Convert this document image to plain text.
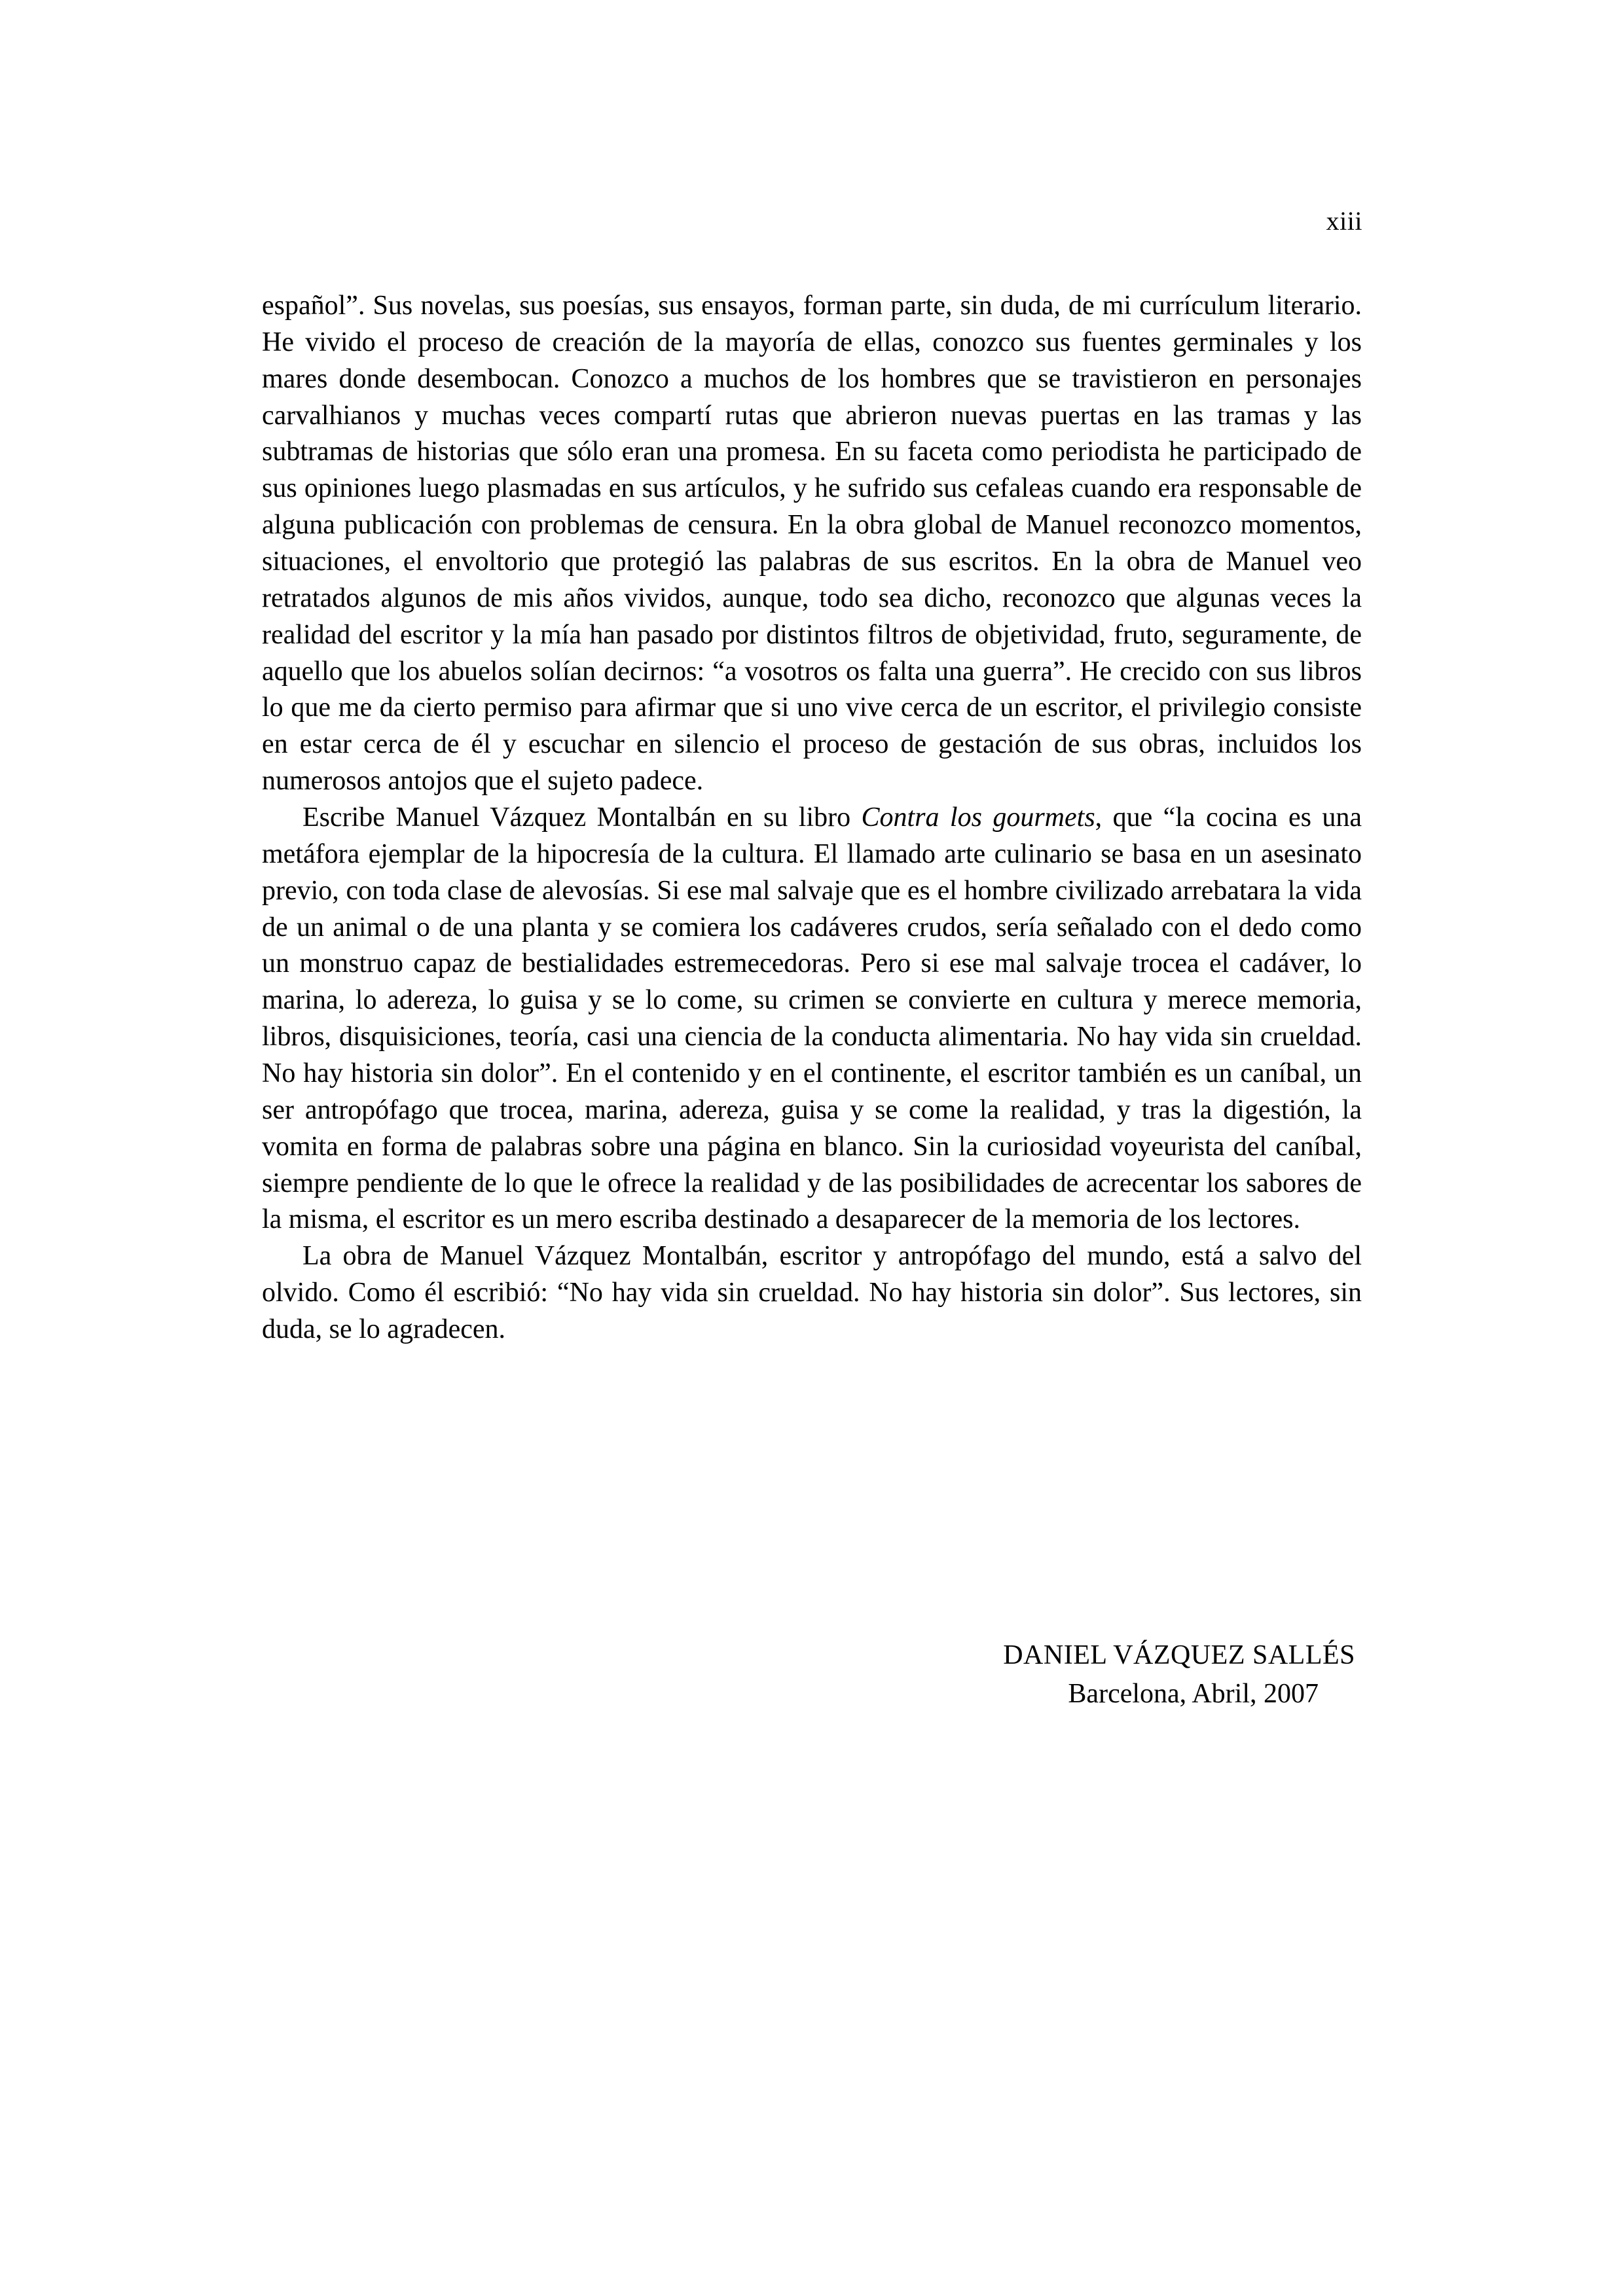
xiii

español”. Sus novelas, sus poesías, sus ensayos, forman parte, sin duda, de mi currículum literario. He vivido el proceso de creación de la mayoría de ellas, conozco sus fuentes germinales y los mares donde desembocan. Conozco a muchos de los hombres que se travistieron en personajes carvalhianos y muchas veces compartí rutas que abrieron nuevas puertas en las tramas y las subtramas de historias que sólo eran una promesa. En su faceta como periodista he participado de sus opiniones luego plasmadas en sus artículos, y he sufrido sus cefaleas cuando era responsable de alguna publicación con problemas de censura. En la obra global de Manuel reconozco momentos, situaciones, el envoltorio que protegió las palabras de sus escritos. En la obra de Manuel veo retratados algunos de mis años vividos, aunque, todo sea dicho, reconozco que algunas veces la realidad del escritor y la mía han pasado por distintos filtros de objetividad, fruto, seguramente, de aquello que los abuelos solían decirnos: “a vosotros os falta una guerra”. He crecido con sus libros lo que me da cierto permiso para afirmar que si uno vive cerca de un escritor, el privilegio consiste en estar cerca de él y escuchar en silencio el proceso de gestación de sus obras, incluidos los numerosos antojos que el sujeto padece.

Escribe Manuel Vázquez Montalbán en su libro Contra los gourmets, que “la cocina es una metáfora ejemplar de la hipocresía de la cultura. El llamado arte culinario se basa en un asesinato previo, con toda clase de alevosías. Si ese mal salvaje que es el hombre civilizado arrebatara la vida de un animal o de una planta y se comiera los cadáveres crudos, sería señalado con el dedo como un monstruo capaz de bestialidades estremecedoras. Pero si ese mal salvaje trocea el cadáver, lo marina, lo adereza, lo guisa y se lo come, su crimen se convierte en cultura y merece memoria, libros, disquisiciones, teoría, casi una ciencia de la conducta alimentaria. No hay vida sin crueldad. No hay historia sin dolor”. En el contenido y en el continente, el escritor también es un caníbal, un ser antropófago que trocea, marina, adereza, guisa y se come la realidad, y tras la digestión, la vomita en forma de palabras sobre una página en blanco. Sin la curiosidad voyeurista del caníbal, siempre pendiente de lo que le ofrece la realidad y de las posibilidades de acrecentar los sabores de la misma, el escritor es un mero escriba destinado a desaparecer de la memoria de los lectores.

La obra de Manuel Vázquez Montalbán, escritor y antropófago del mundo, está a salvo del olvido. Como él escribió: “No hay vida sin crueldad. No hay historia sin dolor”. Sus lectores, sin duda, se lo agradecen.

DANIEL VÁZQUEZ SALLÉS
Barcelona, Abril, 2007
